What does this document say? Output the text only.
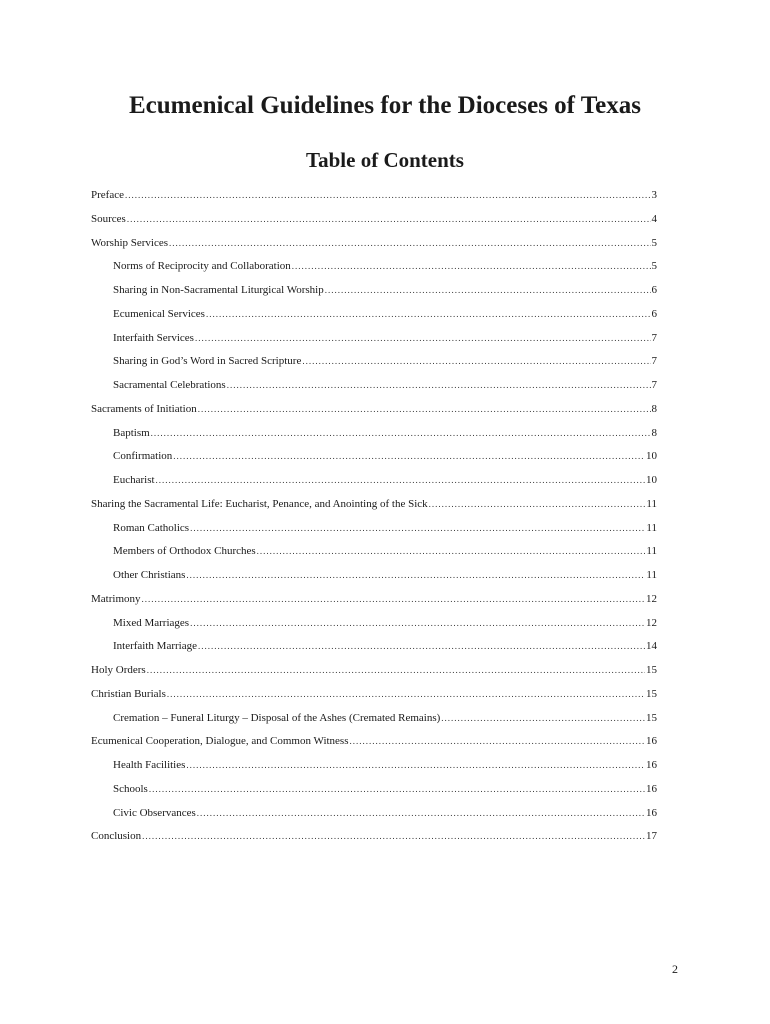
Ecumenical Guidelines for the Dioceses of Texas
Table of Contents
Preface .....	3
Sources .....	4
Worship Services .....	5
Norms of Reciprocity and Collaboration .....	5
Sharing in Non-Sacramental Liturgical Worship .....	6
Ecumenical Services .....	6
Interfaith Services .....	7
Sharing in God’s Word in Sacred Scripture .....	7
Sacramental Celebrations .....	7
Sacraments of Initiation .....	8
Baptism .....	8
Confirmation .....	10
Eucharist .....	10
Sharing the Sacramental Life: Eucharist, Penance, and Anointing of the Sick .....	11
Roman Catholics .....	11
Members of Orthodox Churches .....	11
Other Christians .....	11
Matrimony .....	12
Mixed Marriages .....	12
Interfaith Marriage .....	14
Holy Orders .....	15
Christian Burials .....	15
Cremation – Funeral Liturgy – Disposal of the Ashes (Cremated Remains) .....	15
Ecumenical Cooperation, Dialogue, and Common Witness .....	16
Health Facilities .....	16
Schools .....	16
Civic Observances .....	16
Conclusion .....	17
2
